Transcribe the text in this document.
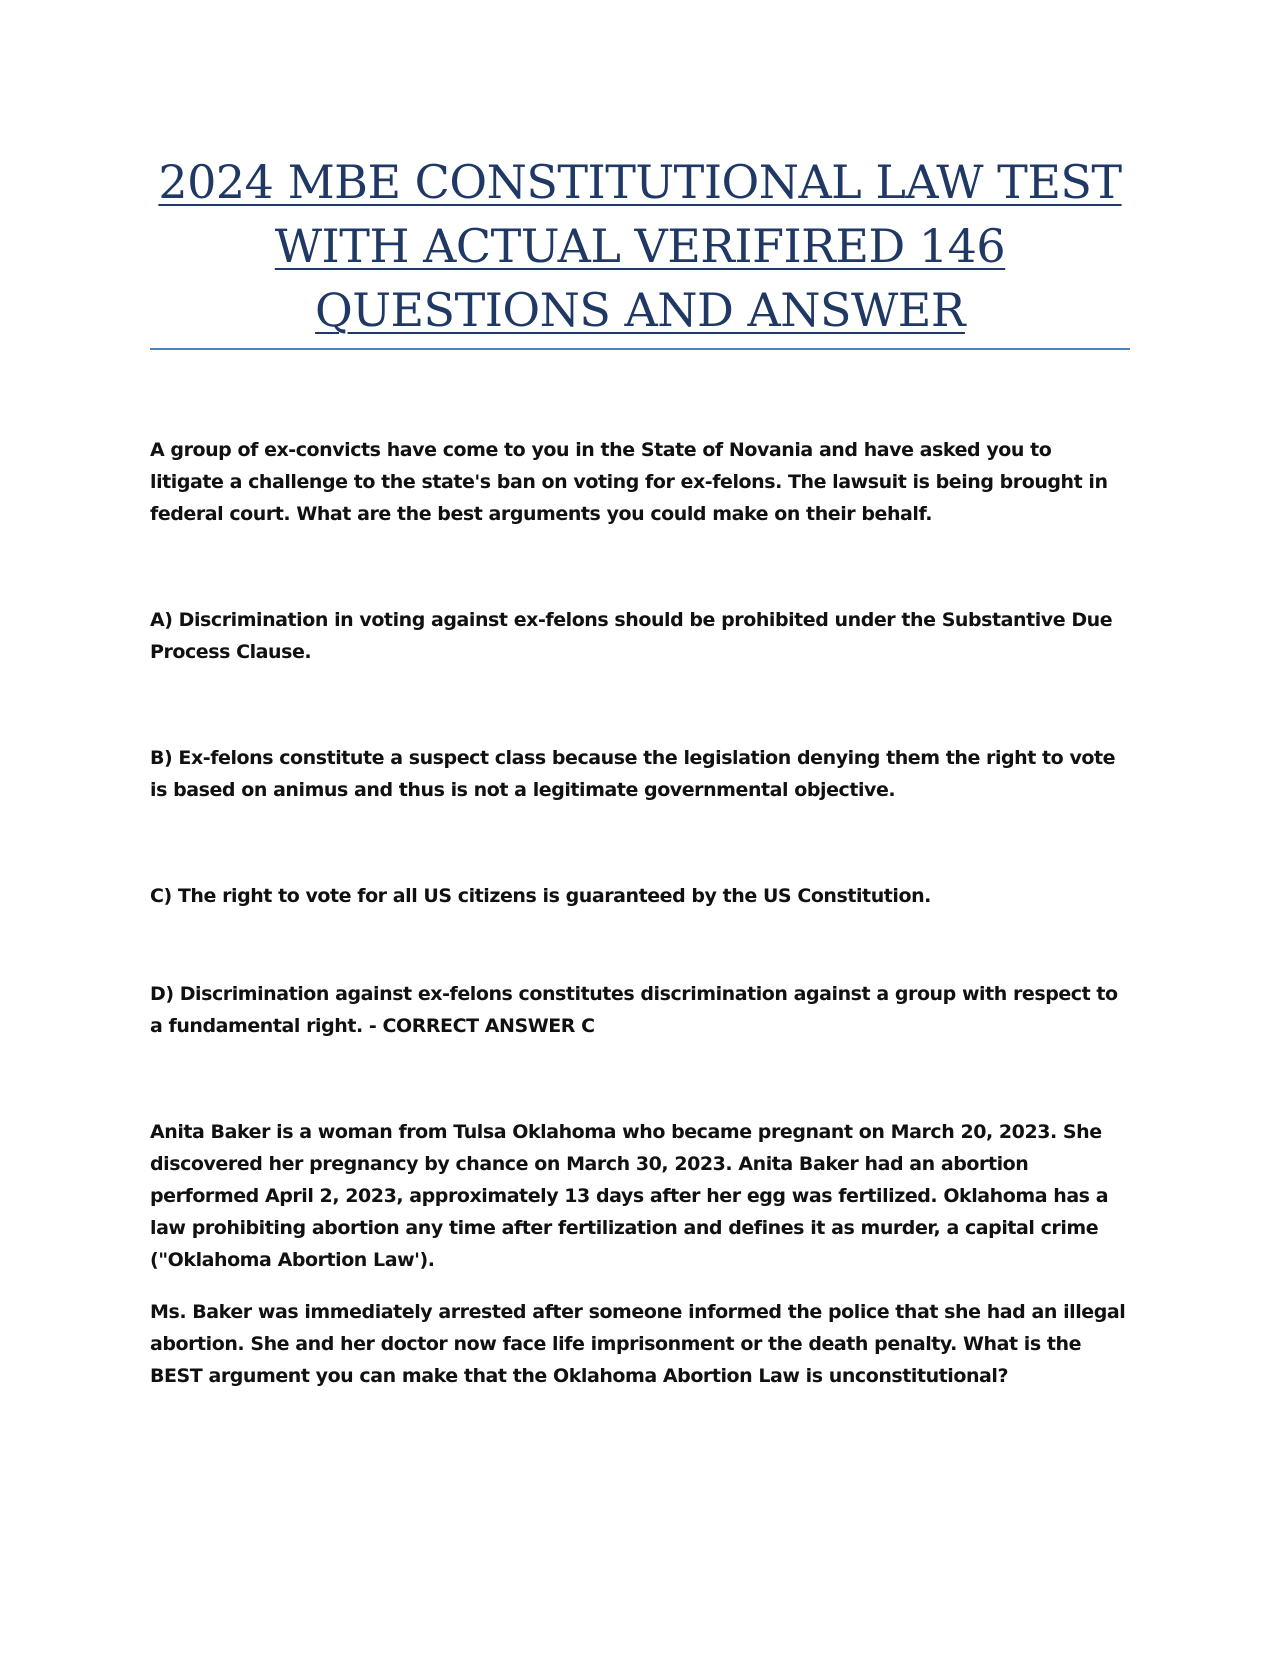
2024 MBE CONSTITUTIONAL LAW TEST WITH ACTUAL VERIFIRED 146 QUESTIONS AND ANSWER

A group of ex-convicts have come to you in the State of Novania and have asked you to litigate a challenge to the state's ban on voting for ex-felons. The lawsuit is being brought in federal court. What are the best arguments you could make on their behalf.

A) Discrimination in voting against ex-felons should be prohibited under the Substantive Due Process Clause.

B) Ex-felons constitute a suspect class because the legislation denying them the right to vote is based on animus and thus is not a legitimate governmental objective.

C) The right to vote for all US citizens is guaranteed by the US Constitution.

D) Discrimination against ex-felons constitutes discrimination against a group with respect to a fundamental right. - CORRECT ANSWER C

Anita Baker is a woman from Tulsa Oklahoma who became pregnant on March 20, 2023. She discovered her pregnancy by chance on March 30, 2023. Anita Baker had an abortion performed April 2, 2023, approximately 13 days after her egg was fertilized. Oklahoma has a law prohibiting abortion any time after fertilization and defines it as murder, a capital crime ("Oklahoma Abortion Law').

Ms. Baker was immediately arrested after someone informed the police that she had an illegal abortion. She and her doctor now face life imprisonment or the death penalty. What is the BEST argument you can make that the Oklahoma Abortion Law is unconstitutional?
